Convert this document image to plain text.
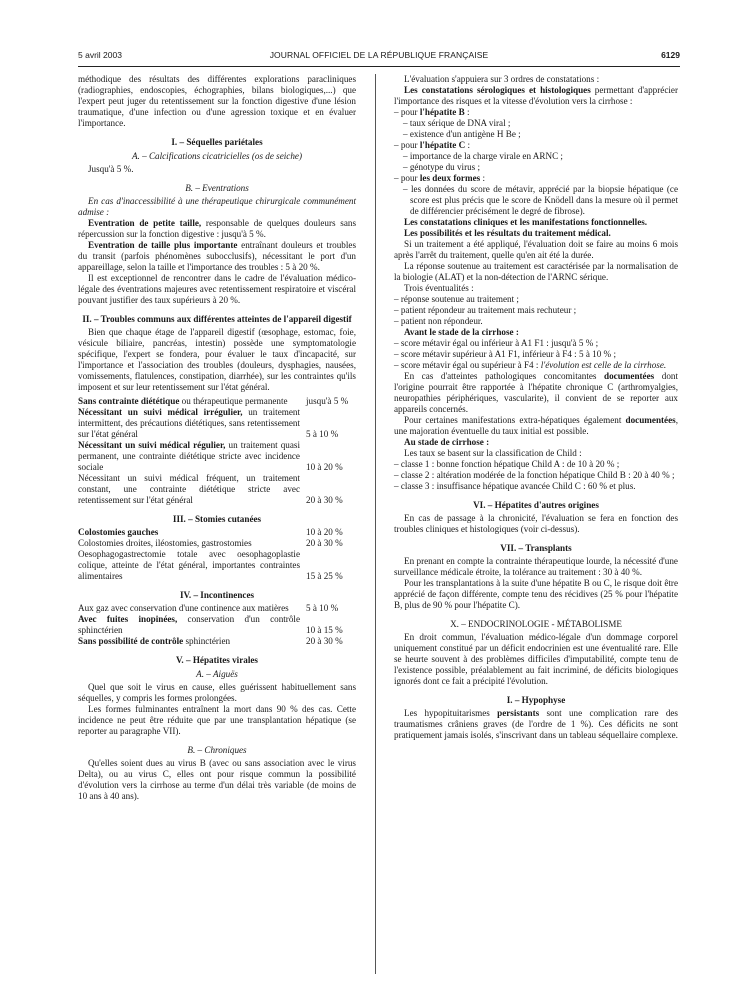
5 avril 2003	JOURNAL OFFICIEL DE LA RÉPUBLIQUE FRANÇAISE	6129

méthodique des résultats des différentes explorations paracliniques (radiographies, endoscopies, échographies, bilans biologiques,...) que l'expert peut juger du retentissement sur la fonction digestive d'une lésion traumatique, d'une infection ou d'une agression toxique et en évaluer l'importance.

I. – Séquelles pariétales
A. – Calcifications cicatricielles (os de seiche)

Jusqu'à 5 %.

B. – Eventrations

En cas d'inaccessibilité à une thérapeutique chirurgicale communément admise :

Eventration de petite taille, responsable de quelques douleurs sans répercussion sur la fonction digestive : jusqu'à 5 %.

Eventration de taille plus importante entraînant douleurs et troubles du transit (parfois phénomènes subocclusifs), nécessitant le port d'un appareillage, selon la taille et l'importance des troubles : 5 à 20 %.

Il est exceptionnel de rencontrer dans le cadre de l'évaluation médico-légale des éventrations majeures avec retentissement respiratoire et viscéral pouvant justifier des taux supérieurs à 20 %.

II. – Troubles communs aux différentes atteintes de l'appareil digestif

Bien que chaque étage de l'appareil digestif (œsophage, estomac, foie, vésicule biliaire, pancréas, intestin) possède une symptomatologie spécifique, l'expert se fondera, pour évaluer le taux d'incapacité, sur l'importance et l'association des troubles (douleurs, dysphagies, nausées, vomissements, flatulences, constipation, diarrhée), sur les contraintes qu'ils imposent et sur leur retentissement sur l'état général.

Sans contrainte diététique ou thérapeutique permanente	jusqu'à 5 %
Nécessitant un suivi médical irrégulier, un traitement intermittent, des précautions diététiques, sans retentissement sur l'état général	5 à 10 %
Nécessitant un suivi médical régulier, un traitement quasi permanent, une contrainte diététique stricte avec incidence sociale	10 à 20 %
Nécessitant un suivi médical fréquent, un traitement constant, une contrainte diététique stricte avec retentissement sur l'état général	20 à 30 %
III. – Stomies cutanées
Colostomies gauches	10 à 20 %
Colostomies droites, iléostomies, gastrostomies	20 à 30 %
Oesophagogastrectomie totale avec oesophagoplastie colique, atteinte de l'état général, importantes contraintes alimentaires	15 à 25 %
IV. – Incontinences
Aux gaz avec conservation d'une continence aux matières	5 à 10 %
Avec fuites inopinées, conservation d'un contrôle sphinctérien	10 à 15 %
Sans possibilité de contrôle sphinctérien	20 à 30 %
V. – Hépatites virales
A. – Aiguës

Quel que soit le virus en cause, elles guérissent habituellement sans séquelles, y compris les formes prolongées.

Les formes fulminantes entraînent la mort dans 90 % des cas. Cette incidence ne peut être réduite que par une transplantation hépatique (se reporter au paragraphe VII).

B. – Chroniques

Qu'elles soient dues au virus B (avec ou sans association avec le virus Delta), ou au virus C, elles ont pour risque commun la possibilité d'évolution vers la cirrhose au terme d'un délai très variable (de moins de 10 ans à 40 ans).

L'évaluation s'appuiera sur 3 ordres de constatations :

Les constatations sérologiques et histologiques permettant d'apprécier l'importance des risques et la vitesse d'évolution vers la cirrhose :

– pour l'hépatite B :
– taux sérique de DNA viral ;
– existence d'un antigène H Be ;
– pour l'hépatite C :
– importance de la charge virale en ARNC ;
– génotype du virus ;
– pour les deux formes :
– les données du score de métavir, apprécié par la biopsie hépatique (ce score est plus précis que le score de Knödell dans la mesure où il permet de différencier précisément le degré de fibrose).

Les constatations cliniques et les manifestations fonctionnelles.

Les possibilités et les résultats du traitement médical.

Si un traitement a été appliqué, l'évaluation doit se faire au moins 6 mois après l'arrêt du traitement, quelle qu'en ait été la durée.

La réponse soutenue au traitement est caractérisée par la normalisation de la biologie (ALAT) et la non-détection de l'ARNC sérique.

Trois éventualités :

– réponse soutenue au traitement ;
– patient répondeur au traitement mais rechuteur ;
– patient non répondeur.

Avant le stade de la cirrhose :

– score métavir égal ou inférieur à A1 F1 : jusqu'à 5 % ;
– score métavir supérieur à A1 F1, inférieur à F4 : 5 à 10 % ;
– score métavir égal ou supérieur à F4 : l'évolution est celle de la cirrhose.

En cas d'atteintes pathologiques concomitantes documentées dont l'origine pourrait être rapportée à l'hépatite chronique C (arthromyalgies, neuropathies périphériques, vascularite), il convient de se reporter aux appareils concernés.

Pour certaines manifestations extra-hépatiques également documentées, une majoration éventuelle du taux initial est possible.

Au stade de cirrhose :

Les taux se basent sur la classification de Child :

– classe 1 : bonne fonction hépatique Child A : de 10 à 20 % ;
– classe 2 : altération modérée de la fonction hépatique Child B : 20 à 40 % ;
– classe 3 : insuffisance hépatique avancée Child C : 60 % et plus.
VI. – Hépatites d'autres origines

En cas de passage à la chronicité, l'évaluation se fera en fonction des troubles cliniques et histologiques (voir ci-dessus).

VII. – Transplants

En prenant en compte la contrainte thérapeutique lourde, la nécessité d'une surveillance médicale étroite, la tolérance au traitement : 30 à 40 %.

Pour les transplantations à la suite d'une hépatite B ou C, le risque doit être apprécié de façon différente, compte tenu des récidives (25 % pour l'hépatite B, plus de 90 % pour l'hépatite C).

X. – ENDOCRINOLOGIE - MÉTABOLISME

En droit commun, l'évaluation médico-légale d'un dommage corporel uniquement constitué par un déficit endocrinien est une éventualité rare. Elle se heurte souvent à des problèmes difficiles d'imputabilité, compte tenu de l'existence possible, préalablement au fait incriminé, de déficits biologiques ignorés dont ce fait a précipité l'évolution.

I. – Hypophyse

Les hypopituitarismes persistants sont une complication rare des traumatismes crâniens graves (de l'ordre de 1 %). Ces déficits ne sont pratiquement jamais isolés, s'inscrivant dans un tableau séquellaire complexe.
